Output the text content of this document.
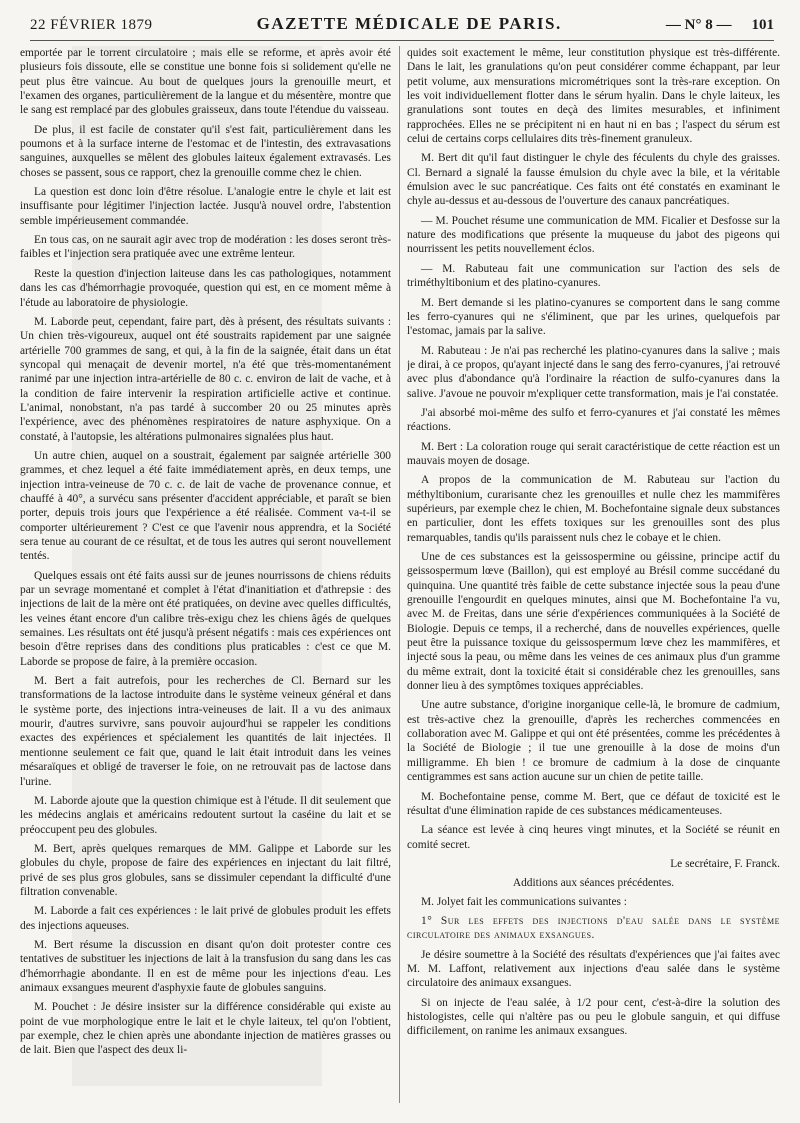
22 FÉVRIER 1879	GAZETTE MÉDICALE DE PARIS.	— N° 8 — 101

emportée par le torrent circulatoire ; mais elle se reforme, et après avoir été plusieurs fois dissoute, elle se constitue une bonne fois si solidement qu'elle ne peut plus être vaincue. Au bout de quelques jours la grenouille meurt, et l'examen des organes, particulièrement de la langue et du mésentère, montre que le sang est remplacé par des globules graisseux, dans toute l'étendue du vaisseau.

De plus, il est facile de constater qu'il s'est fait, particulièrement dans les poumons et à la surface interne de l'estomac et de l'intestin, des extravasations sanguines, auxquelles se mêlent des globules laiteux également extravasés. Les choses se passent, sous ce rapport, chez la grenouille comme chez le chien.

La question est donc loin d'être résolue. L'analogie entre le chyle et lait est insuffisante pour légitimer l'injection lactée. Jusqu'à nouvel ordre, l'abstention semble impérieusement commandée.

En tous cas, on ne saurait agir avec trop de modération : les doses seront très-faibles et l'injection sera pratiquée avec une extrême lenteur.

Reste la question d'injection laiteuse dans les cas pathologiques, notamment dans les cas d'hémorrhagie provoquée, question qui est, en ce moment même à l'étude au laboratoire de physiologie.

M. Laborde peut, cependant, faire part, dès à présent, des résultats suivants : Un chien très-vigoureux, auquel ont été soustraits rapidement par une saignée artérielle 700 grammes de sang, et qui, à la fin de la saignée, était dans un état syncopal qui menaçait de devenir mortel, n'a été que très-momentanément ranimé par une injection intra-artérielle de 80 c. c. environ de lait de vache, et à la condition de faire intervenir la respiration artificielle active et continue. L'animal, nonobstant, n'a pas tardé à succomber 20 ou 25 minutes après l'expérience, avec des phénomènes respiratoires de nature asphyxique. On a constaté, à l'autopsie, les altérations pulmonaires signalées plus haut.

Un autre chien, auquel on a soustrait, également par saignée artérielle 300 grammes, et chez lequel a été faite immédiatement après, en deux temps, une injection intra-veineuse de 70 c. c. de lait de vache de provenance connue, et chauffé à 40°, a survécu sans présenter d'accident appréciable, et paraît se bien porter, depuis trois jours que l'expérience a été réalisée. Comment va-t-il se comporter ultérieurement ? C'est ce que l'avenir nous apprendra, et la Société sera tenue au courant de ce résultat, et de tous les autres qui seront nouvellement tentés.

Quelques essais ont été faits aussi sur de jeunes nourrissons de chiens réduits par un sevrage momentané et complet à l'état d'inanitiation et d'athrepsie : des injections de lait de la mère ont été pratiquées, on devine avec quelles difficultés, les veines étant encore d'un calibre très-exigu chez les chiens âgés de quelques semaines. Les résultats ont été jusqu'à présent négatifs : mais ces expériences ont besoin d'être reprises dans des conditions plus praticables : c'est ce que M. Laborde se propose de faire, à la première occasion.

M. Bert a fait autrefois, pour les recherches de Cl. Bernard sur les transformations de la lactose introduite dans le système veineux général et dans le système porte, des injections intra-veineuses de lait. Il a vu des animaux mourir, d'autres survivre, sans pouvoir aujourd'hui se rappeler les conditions exactes des expériences et spécialement les quantités de lait injectées. Il mentionne seulement ce fait que, quand le lait était introduit dans les veines mésaraïques et obligé de traverser le foie, on ne retrouvait pas de lactose dans l'urine.

M. Laborde ajoute que la question chimique est à l'étude. Il dit seulement que les médecins anglais et américains redoutent surtout la caséine du lait et se préoccupent peu des globules.

M. Bert, après quelques remarques de MM. Galippe et Laborde sur les globules du chyle, propose de faire des expériences en injectant du lait filtré, privé de ses plus gros globules, sans se dissimuler cependant la difficulté d'une filtration convenable.

M. Laborde a fait ces expériences : le lait privé de globules produit les effets des injections aqueuses.

M. Bert résume la discussion en disant qu'on doit protester contre ces tentatives de substituer les injections de lait à la transfusion du sang dans les cas d'hémorrhagie abondante. Il en est de même pour les injections d'eau. Les animaux exsangues meurent d'asphyxie faute de globules sanguins.

M. Pouchet : Je désire insister sur la différence considérable qui existe au point de vue morphologique entre le lait et le chyle laiteux, tel qu'on l'obtient, par exemple, chez le chien après une abondante injection de matières grasses ou de lait. Bien que l'aspect des deux li-

quides soit exactement le même, leur constitution physique est très-différente. Dans le lait, les granulations qu'on peut considérer comme échappant, par leur petit volume, aux mensurations micrométriques sont la très-rare exception. On les voit individuellement flotter dans le sérum hyalin. Dans le chyle laiteux, les granulations sont toutes en deçà des limites mesurables, et infiniment rapprochées. Elles ne se précipitent ni en haut ni en bas ; l'aspect du sérum est celui de certains corps cellulaires dits très-finement granuleux.

M. Bert dit qu'il faut distinguer le chyle des féculents du chyle des graisses. Cl. Bernard a signalé la fausse émulsion du chyle avec la bile, et la véritable émulsion avec le suc pancréatique. Ces faits ont été constatés en examinant le chyle au-dessus et au-dessous de l'ouverture des canaux pancréatiques.

— M. Pouchet résume une communication de MM. Ficalier et Desfosse sur la nature des modifications que présente la muqueuse du jabot des pigeons qui nourrissent les petits nouvellement éclos.

— M. Rabuteau fait une communication sur l'action des sels de triméthyltibonium et des platino-cyanures.

M. Bert demande si les platino-cyanures se comportent dans le sang comme les ferro-cyanures qui ne s'éliminent, que par les urines, quelquefois par l'estomac, jamais par la salive.

M. Rabuteau : Je n'ai pas recherché les platino-cyanures dans la salive ; mais je dirai, à ce propos, qu'ayant injecté dans le sang des ferro-cyanures, j'ai retrouvé avec plus d'abondance qu'à l'ordinaire la réaction de sulfo-cyanures dans la salive. J'avoue ne pouvoir m'expliquer cette transformation, mais je l'ai constatée.

J'ai absorbé moi-même des sulfo et ferro-cyanures et j'ai constaté les mêmes réactions.

M. Bert : La coloration rouge qui serait caractéristique de cette réaction est un mauvais moyen de dosage.

A propos de la communication de M. Rabuteau sur l'action du méthyltibonium, curarisante chez les grenouilles et nulle chez les mammifères supérieurs, par exemple chez le chien, M. Bochefontaine signale deux substances en particulier, dont les effets toxiques sur les grenouilles sont des plus remarquables, tandis qu'ils paraissent nuls chez le cobaye et le chien.

Une de ces substances est la geissospermine ou géissine, principe actif du geissospermum lœve (Baillon), qui est employé au Brésil comme succédané du quinquina. Une quantité très faible de cette substance injectée sous la peau d'une grenouille l'engourdit en quelques minutes, ainsi que M. Bochefontaine l'a vu, avec M. de Freitas, dans une série d'expériences communiquées à la Société de Biologie. Depuis ce temps, il a recherché, dans de nouvelles expériences, quelle peut être la puissance toxique du geissospermum lœve chez les mammifères, et injecté sous la peau, ou même dans les veines de ces animaux plus d'un gramme du même extrait, dont la toxicité était si considérable chez les grenouilles, sans donner lieu à des symptômes toxiques appréciables.

Une autre substance, d'origine inorganique celle-là, le bromure de cadmium, est très-active chez la grenouille, d'après les recherches commencées en collaboration avec M. Galippe et qui ont été présentées, comme les précédentes à la Société de Biologie ; il tue une grenouille à la dose de moins d'un milligramme. Eh bien ! ce bromure de cadmium à la dose de cinquante centigrammes est sans action aucune sur un chien de petite taille.

M. Bochefontaine pense, comme M. Bert, que ce défaut de toxicité est le résultat d'une élimination rapide de ces substances médicamenteuses.

La séance est levée à cinq heures vingt minutes, et la Société se réunit en comité secret.

Le secrétaire, F. Franck.

Additions aux séances précédentes.

M. Jolyet fait les communications suivantes :

1° Sur les effets des injections d'eau salée dans le système circulatoire des animaux exsangues.

Je désire soumettre à la Société des résultats d'expériences que j'ai faites avec M. M. Laffont, relativement aux injections d'eau salée dans le système circulatoire des animaux exsangues.

Si on injecte de l'eau salée, à 1/2 pour cent, c'est-à-dire la solution des histologistes, celle qui n'altère pas ou peu le globule sanguin, et qui diffuse difficilement, on ranime les animaux exsangues.
